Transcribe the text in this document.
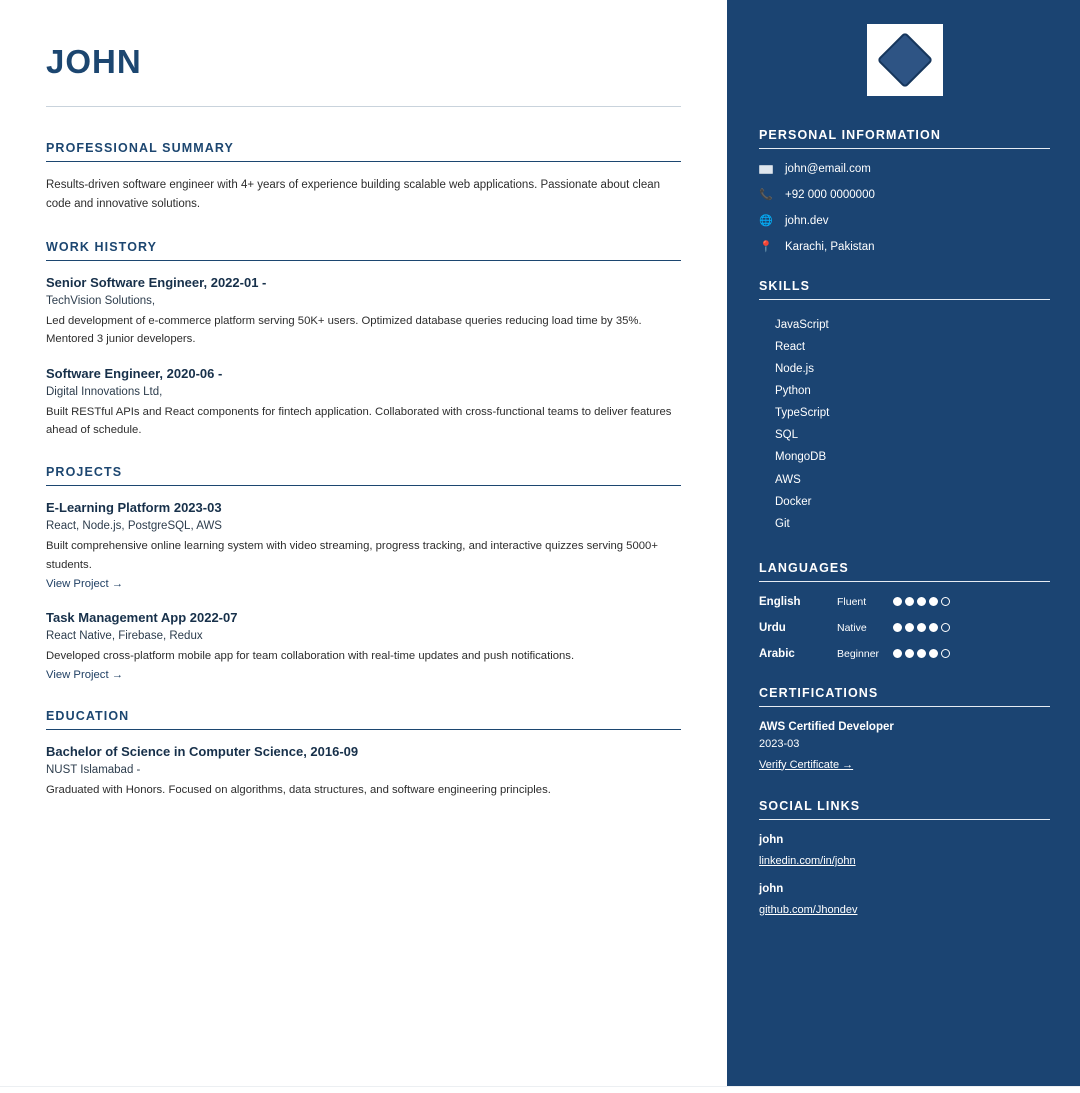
JOHN
PROFESSIONAL SUMMARY

Results-driven software engineer with 4+ years of experience building scalable web applications. Passionate about clean code and innovative solutions.

WORK HISTORY
Senior Software Engineer, 2022-01 -
TechVision Solutions,
Led development of e-commerce platform serving 50K+ users. Optimized database queries reducing load time by 35%. Mentored 3 junior developers.
Software Engineer, 2020-06 -
Digital Innovations Ltd,
Built RESTful APIs and React components for fintech application. Collaborated with cross-functional teams to deliver features ahead of schedule.
PROJECTS
E-Learning Platform 2023-03
React, Node.js, PostgreSQL, AWS
Built comprehensive online learning system with video streaming, progress tracking, and interactive quizzes serving 5000+ students.
View Project →
Task Management App 2022-07
React Native, Firebase, Redux
Developed cross-platform mobile app for team collaboration with real-time updates and push notifications.
View Project →
EDUCATION
Bachelor of Science in Computer Science, 2016-09
NUST Islamabad -
Graduated with Honors. Focused on algorithms, data structures, and software engineering principles.
PERSONAL INFORMATION
john@email.com
📞 +92 000 0000000
🌐 john.dev
📍 Karachi, Pakistan
SKILLS
JavaScript
React
Node.js
Python
TypeScript
SQL
MongoDB
AWS
Docker
Git
LANGUAGES
English	Fluent
Urdu	Native
Arabic	Beginner
CERTIFICATIONS
AWS Certified Developer
2023-03
Verify Certificate →
SOCIAL LINKS
john
linkedin.com/in/john
john
github.com/Jhondev
